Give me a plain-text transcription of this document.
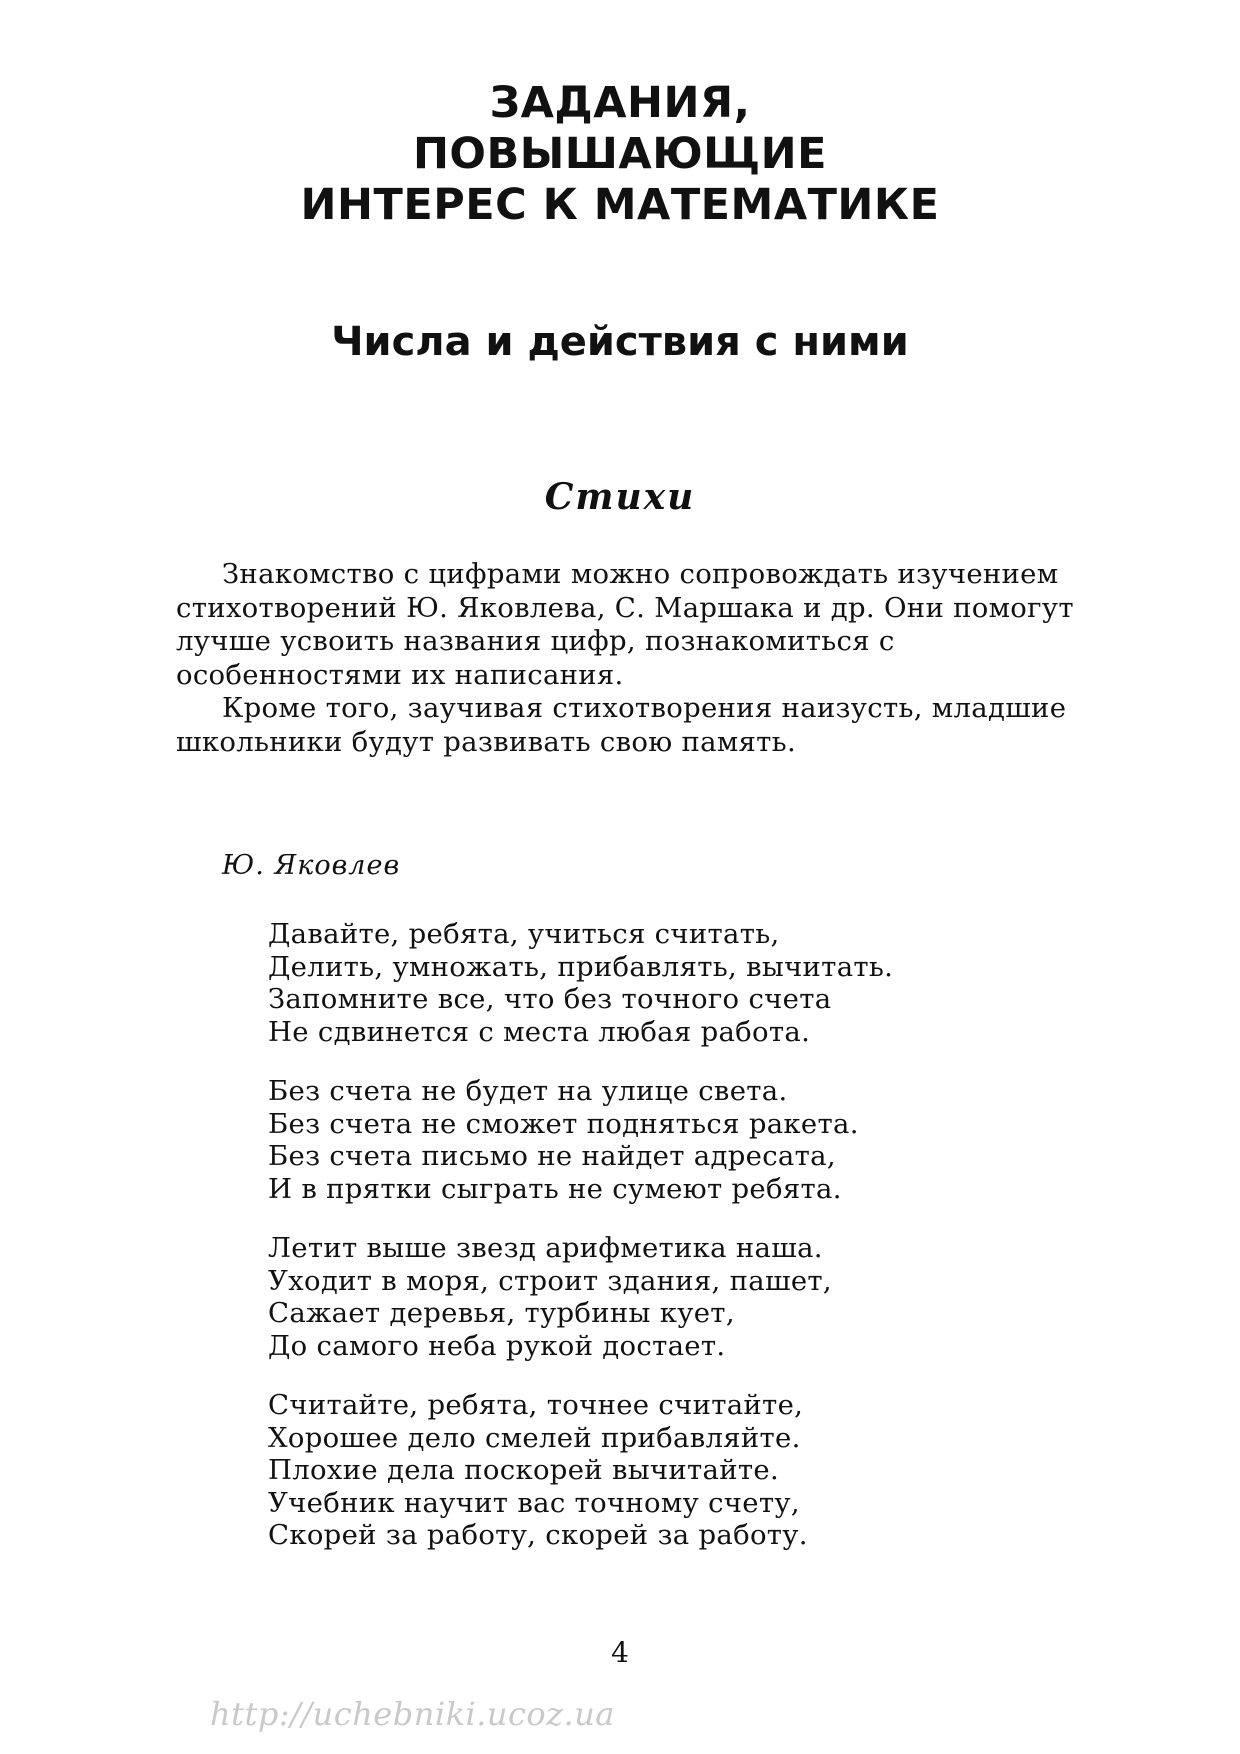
ЗАДАНИЯ,
ПОВЫШАЮЩИЕ
ИНТЕРЕС К МАТЕМАТИКЕ
Числа и действия с ними
Стихи

Знакомство с цифрами можно сопровождать изучением стихотворений Ю. Яковлева, С. Маршака и др. Они помогут лучше усвоить названия цифр, познакомиться с особенностями их написания.

Кроме того, заучивая стихотворения наизусть, младшие школьники будут развивать свою память.

Ю. Яковлев

Давайте, ребята, учиться считать,
Делить, умножать, прибавлять, вычитать.
Запомните все, что без точного счета
Не сдвинется с места любая работа.
Без счета не будет на улице света.
Без счета не сможет подняться ракета.
Без счета письмо не найдет адресата,
И в прятки сыграть не сумеют ребята.
Летит выше звезд арифметика наша.
Уходит в моря, строит здания, пашет,
Сажает деревья, турбины кует,
До самого неба рукой достает.
Считайте, ребята, точнее считайте,
Хорошее дело смелей прибавляйте.
Плохие дела поскорей вычитайте.
Учебник научит вас точному счету,
Скорей за работу, скорей за работу.

4

http://uchebniki.ucoz.ua
